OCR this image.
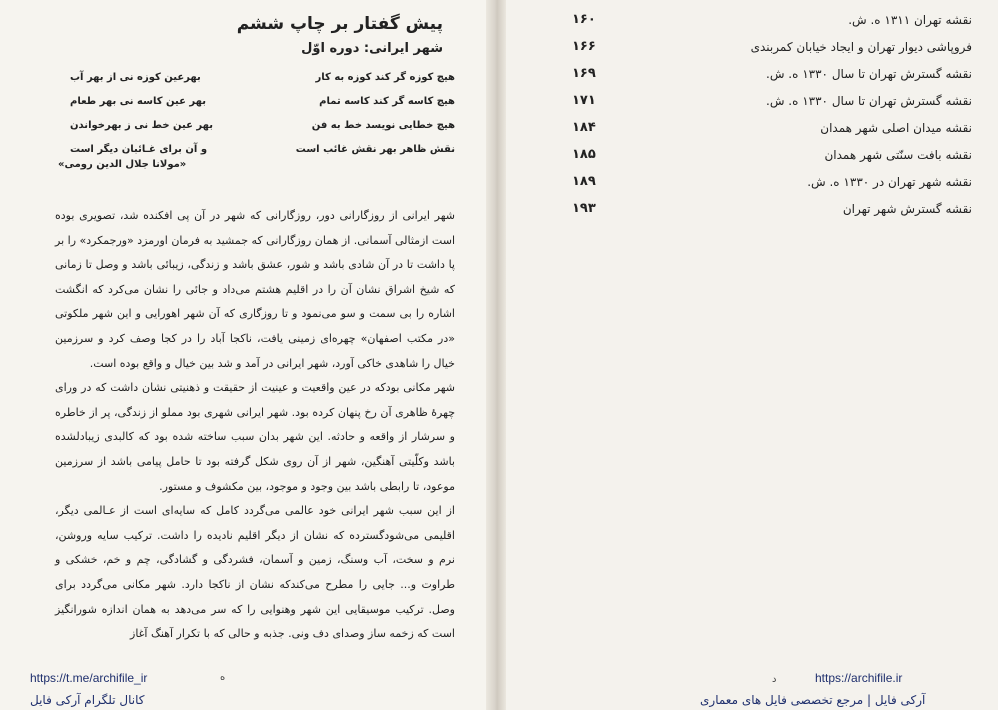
پیش گفتار بر چاپ ششم
شهر ایرانی: دوره اوّل
هیچ کوزه گر کند کوزه به کار
بهرعین کوزه نی از بهر آب
هیچ کاسه گر کند کاسه تمام
بهر عین کاسه نی بهر طعام
هیچ خطایی نویسد خط به فن
بهر عین خط نی ز بهرخواندن
نقش ظاهر بهر نقش غائب است
و آن برای غـائبان دیگر است
«مولانا جلال الدین رومی»

شهر ایرانی از روزگارانی دور، روزگارانی که شهر در آن پی افکنده شد، تصویری بوده است ازمثالی آسمانی. از همان روزگارانی که جمشید به فرمان اورمزد «ورجمکرد» را بر پا داشت تا در آن شادی باشد و شور، عشق باشد و زندگی، زیبائی باشد و وصل تا زمانی که شیخ اشراق نشان آن را در اقلیم هشتم می‌داد و جائی را نشان می‌کرد که انگشت اشاره را بی سمت و سو می‌نمود و تا روزگاری که آن شهر اهورایی و این شهر ملکوتی «در مکتب اصفهان» چهره‌ای زمینی یافت، ناکجا آباد را در کجا وصف کرد و سرزمین خیال را شاهدی خاکی آورد، شهر ایرانی در آمد و شد بین خیال و واقع بوده است.

شهر مکانی بودکه در عین واقعیت و عینیت از حقیقت و ذهنیتی نشان داشت که در ورای چهرهٔ ظاهری آن رخ پنهان کرده بود. شهر ایرانی شهری بود مملو از زندگی، پر از خاطره و سرشار از واقعه و حادثه. این شهر بدان سبب ساخته شده بود که کالبدی زیبادلشده باشد وکلّیتی آهنگین، شهر از آن روی شکل گرفته بود تا حامل پیامی باشد از سرزمین موعود، تا رابطی باشد بین وجود و موجود، بین مکشوف و مستور.

از این سبب شهر ایرانی خود عالمی می‌گردد کامل که سایه‌ای است از عـالمی دیگر، اقلیمی می‌شودگسترده که نشان از دیگر اقلیم نادیده را داشت. ترکیب سایه وروشن، نرم و سخت، آب وسنگ، زمین و آسمان، فشردگی و گشادگی، چم و خم، خشکی و طراوت و... جایی را مطرح می‌کندکه نشان از ناکجا دارد. شهر مکانی می‌گردد برای وصل. ترکیب موسیقایی این شهر وهنوایی را که سر می‌دهد به همان اندازه شورانگیز است که زخمه ساز وصدای دف ونی. جذبه و حالی که با تکرار آهنگ آغاز

ه
https://t.me/archifile_ir
کانال تلگرام آرکی فایل
۱۶۰	نقشه تهران ۱۳۱۱ ه. ش.
۱۶۶	فروپاشی دیوار تهران و ایجاد خیابان کمربندی
۱۶۹	نقشه گسترش تهران تا سال ۱۳۳۰ ه. ش.
۱۷۱	نقشه گسترش تهران تا سال ۱۳۳۰ ه. ش.
۱۸۴	نقشه میدان اصلی شهر همدان
۱۸۵	نقشه بافت سنّتی شهر همدان
۱۸۹	نقشه شهر تهران در ۱۳۳۰ ه. ش.
۱۹۳	نقشه گسترش شهر تهران
د	https://archifile.ir
آرکی فایل | مرجع تخصصی فایل های معماری
